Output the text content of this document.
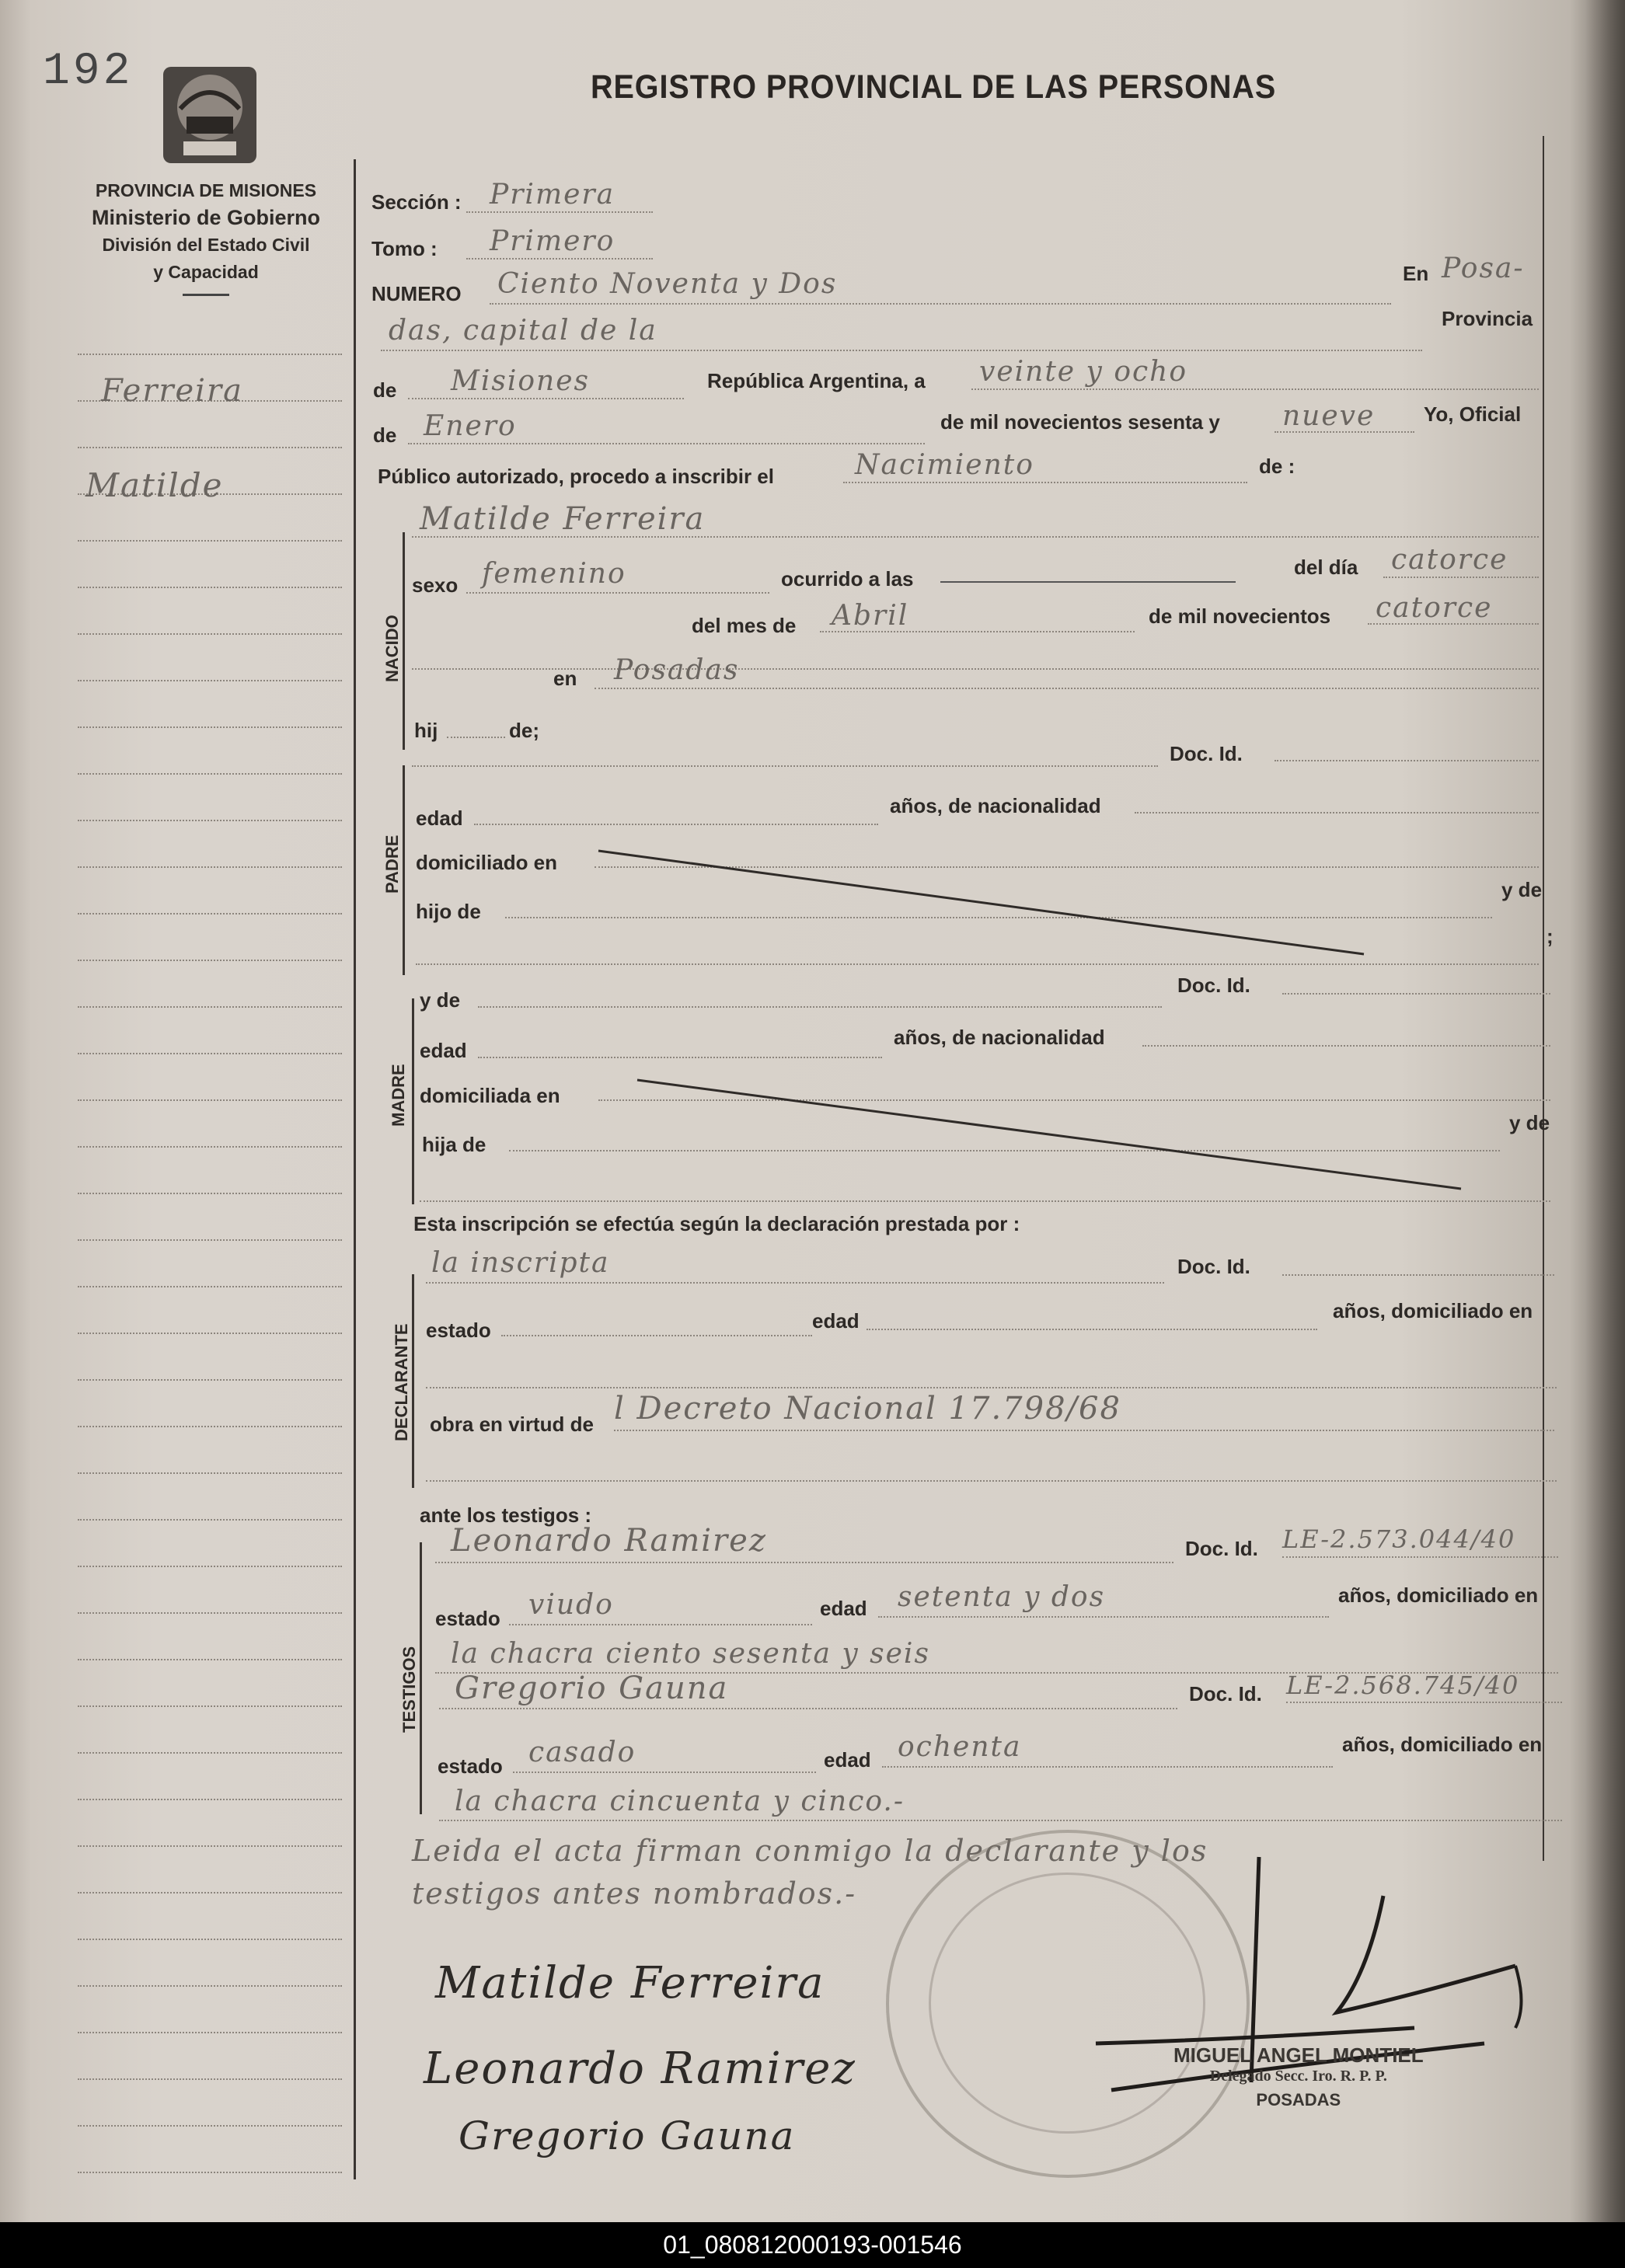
192	REGISTRO PROVINCIAL DE LAS PERSONAS
PROVINCIA DE MISIONES
Ministerio de Gobierno
División del Estado Civil
y Capacidad
Ferreira
Matilde
Sección : Primera
Tomo : Primero
NUMERO Ciento Noventa y Dos	En Posa-
das, capital de la	Provincia
de Misiones	República Argentina, a veinte y ocho
de Enero	de mil novecientos sesenta y nueve Yo, Oficial
Público autorizado, procedo a inscribir el	Nacimiento	de :
NACIDO
PADRE
MADRE
DECLARANTE
TESTIGOS
Matilde Ferreira
sexo femenino	ocurrido a las	del día catorce
del mes de Abril	de mil novecientos catorce
en Posadas
hij	de;
Doc. Id.
edad
años, de nacionalidad
domiciliado en
hijo de
y de
;
y de
Doc. Id.
edad
años, de nacionalidad
domiciliada en
hija de
y de
Esta inscripción se efectúa según la declaración prestada por :
la inscripta	Doc. Id.
estado	edad	años, domiciliado en
obra en virtud de l Decreto Nacional 17.798/68
ante los testigos :
Leonardo Ramirez	Doc. Id. LE-2.573.044/40
estado viudo	edad setenta y dos	años, domiciliado en
la chacra ciento sesenta y seis
Gregorio Gauna	Doc. Id. LE-2.568.745/40
estado casado	edad ochenta	años, domiciliado en
la chacra cincuenta y cinco.-
Leida el acta firman conmigo la declarante y los
testigos antes nombrados.-
Matilde Ferreira
Leonardo Ramirez
Gregorio Gauna
MIGUEL ANGEL MONTIEL
Delegado Secc. Iro. R. P. P.
POSADAS
01_080812000193-001546
